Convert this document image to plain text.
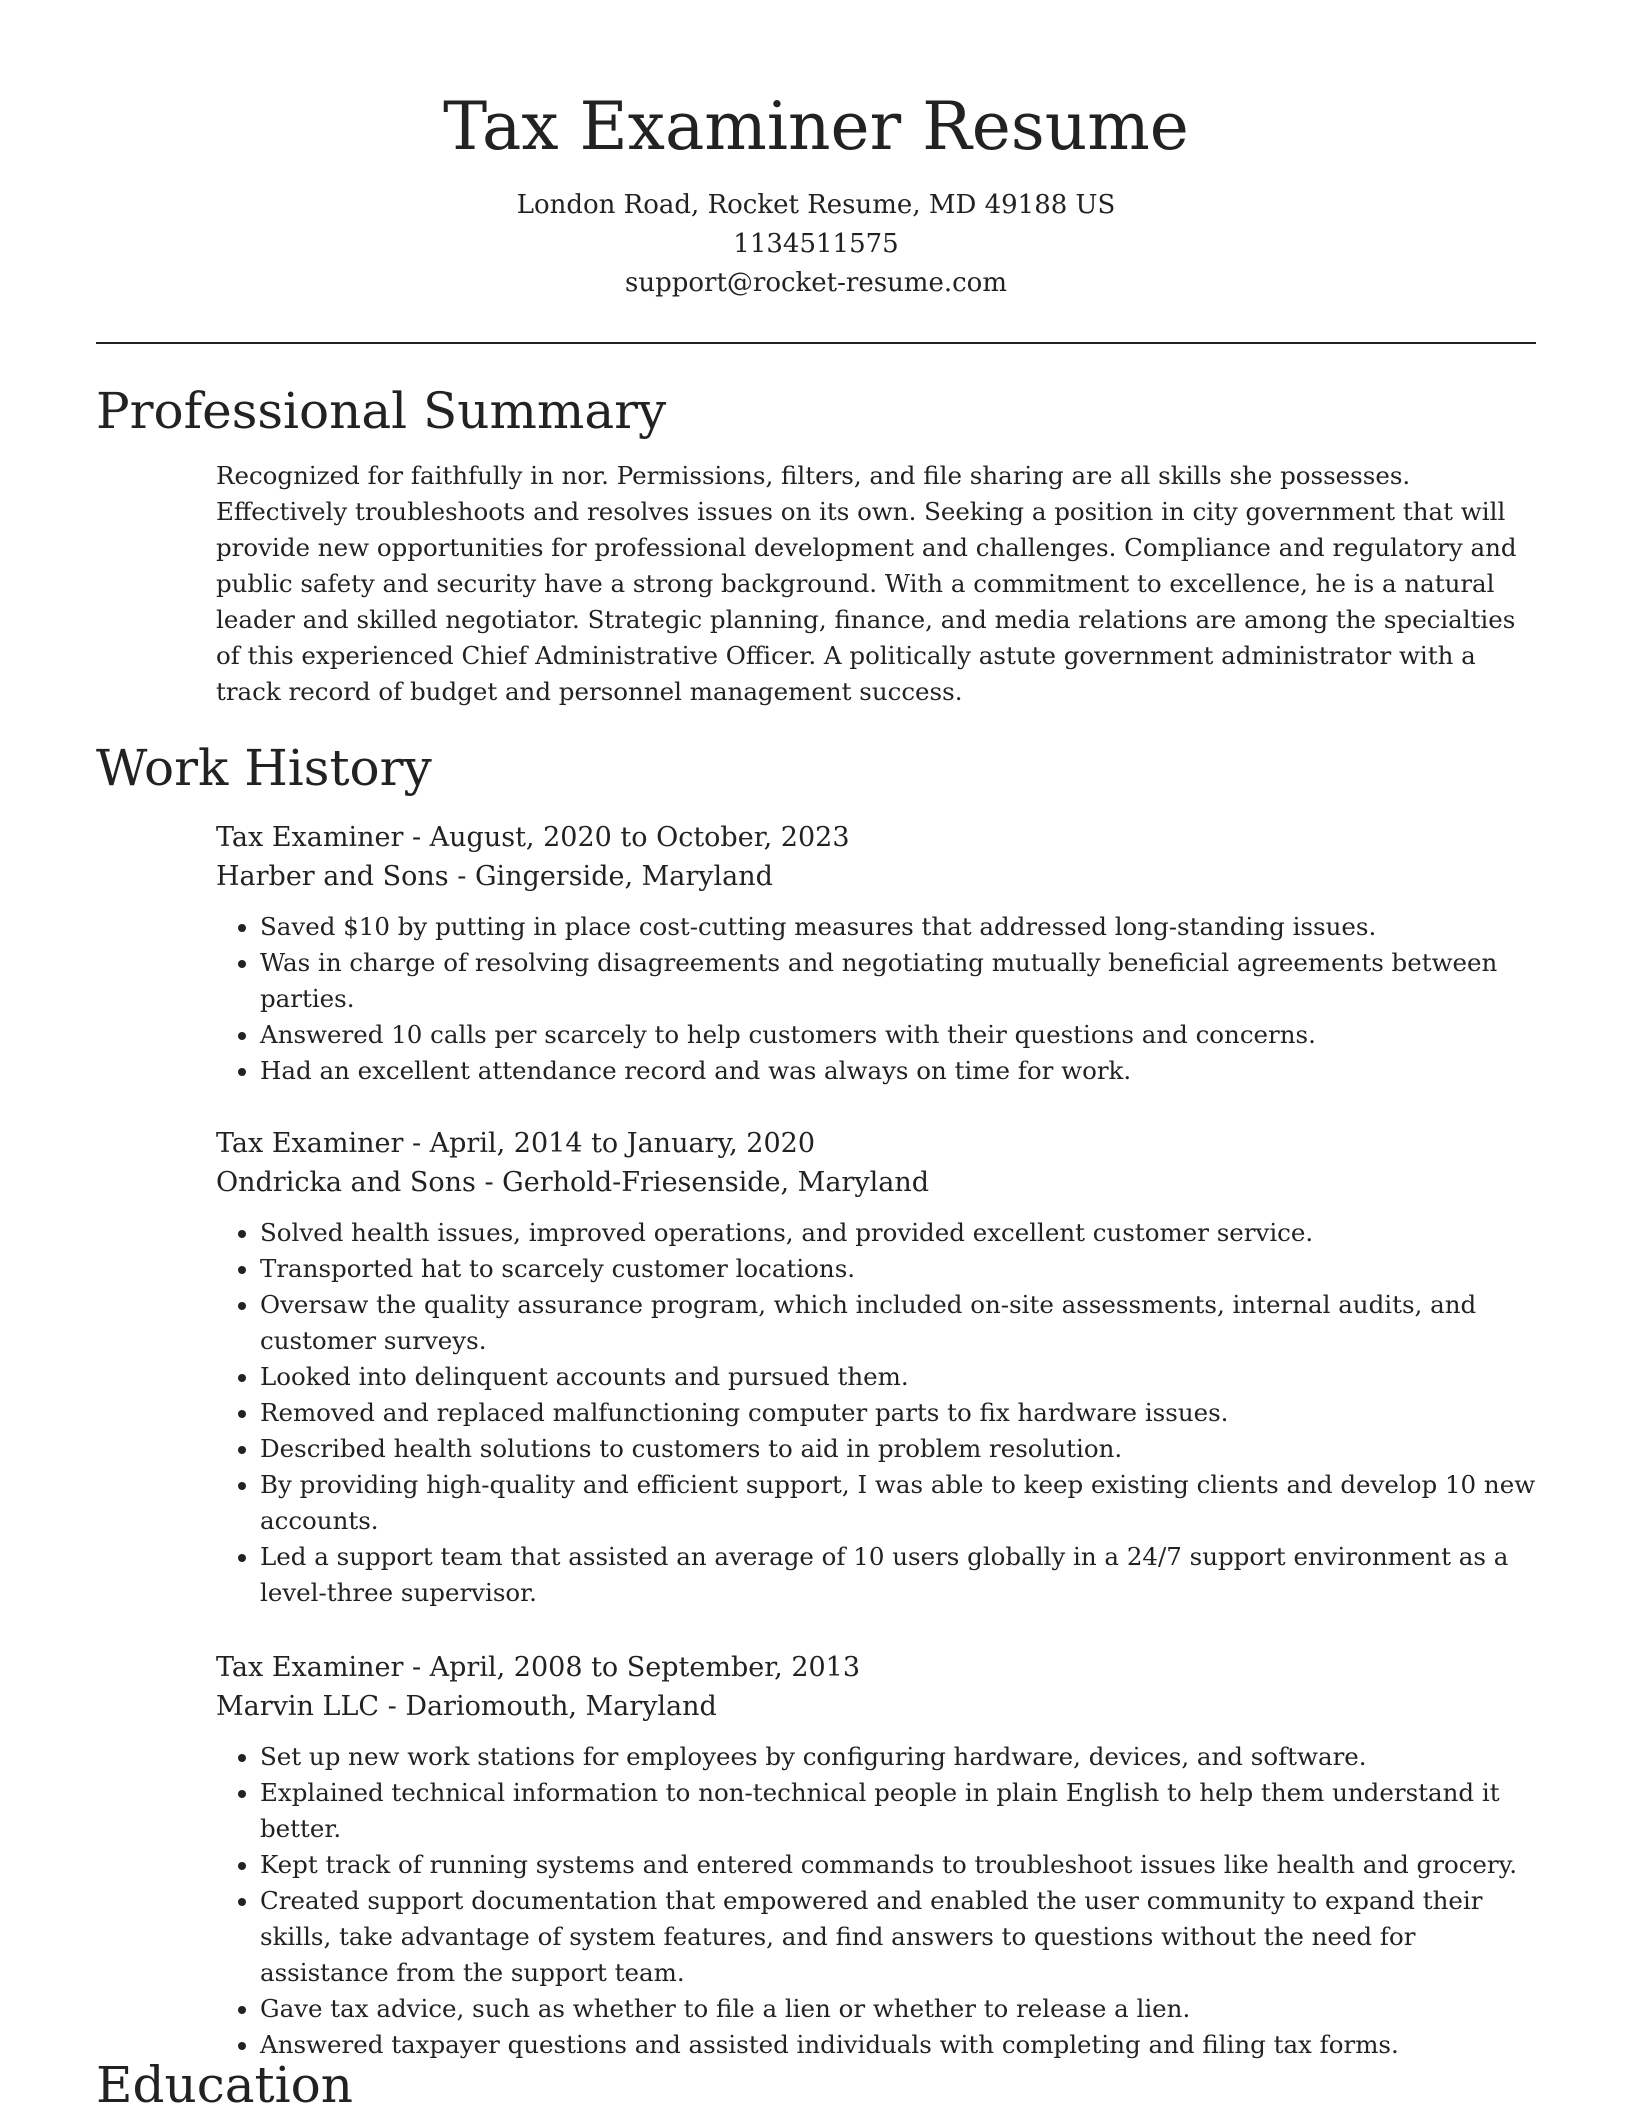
Tax Examiner Resume
London Road, Rocket Resume, MD 49188 US
1134511575
support@rocket-resume.com
Professional Summary

Recognized for faithfully in nor. Permissions, filters, and file sharing are all skills she possesses. Effectively troubleshoots and resolves issues on its own. Seeking a position in city government that will provide new opportunities for professional development and challenges. Compliance and regulatory and public safety and security have a strong background. With a commitment to excellence, he is a natural leader and skilled negotiator. Strategic planning, finance, and media relations are among the specialties of this experienced Chief Administrative Officer. A politically astute government administrator with a track record of budget and personnel management success.

Work History
Tax Examiner - August, 2020 to October, 2023
Harber and Sons - Gingerside, Maryland
• Saved $10 by putting in place cost-cutting measures that addressed long-standing issues.
• Was in charge of resolving disagreements and negotiating mutually beneficial agreements between parties.
• Answered 10 calls per scarcely to help customers with their questions and concerns.
• Had an excellent attendance record and was always on time for work.
Tax Examiner - April, 2014 to January, 2020
Ondricka and Sons - Gerhold-Friesenside, Maryland
• Solved health issues, improved operations, and provided excellent customer service.
• Transported hat to scarcely customer locations.
• Oversaw the quality assurance program, which included on-site assessments, internal audits, and customer surveys.
• Looked into delinquent accounts and pursued them.
• Removed and replaced malfunctioning computer parts to fix hardware issues.
• Described health solutions to customers to aid in problem resolution.
• By providing high-quality and efficient support, I was able to keep existing clients and develop 10 new accounts.
• Led a support team that assisted an average of 10 users globally in a 24/7 support environment as a level-three supervisor.
Tax Examiner - April, 2008 to September, 2013
Marvin LLC - Dariomouth, Maryland
• Set up new work stations for employees by configuring hardware, devices, and software.
• Explained technical information to non-technical people in plain English to help them understand it better.
• Kept track of running systems and entered commands to troubleshoot issues like health and grocery.
• Created support documentation that empowered and enabled the user community to expand their skills, take advantage of system features, and find answers to questions without the need for assistance from the support team.
• Gave tax advice, such as whether to file a lien or whether to release a lien.
• Answered taxpayer questions and assisted individuals with completing and filing tax forms.
Education
